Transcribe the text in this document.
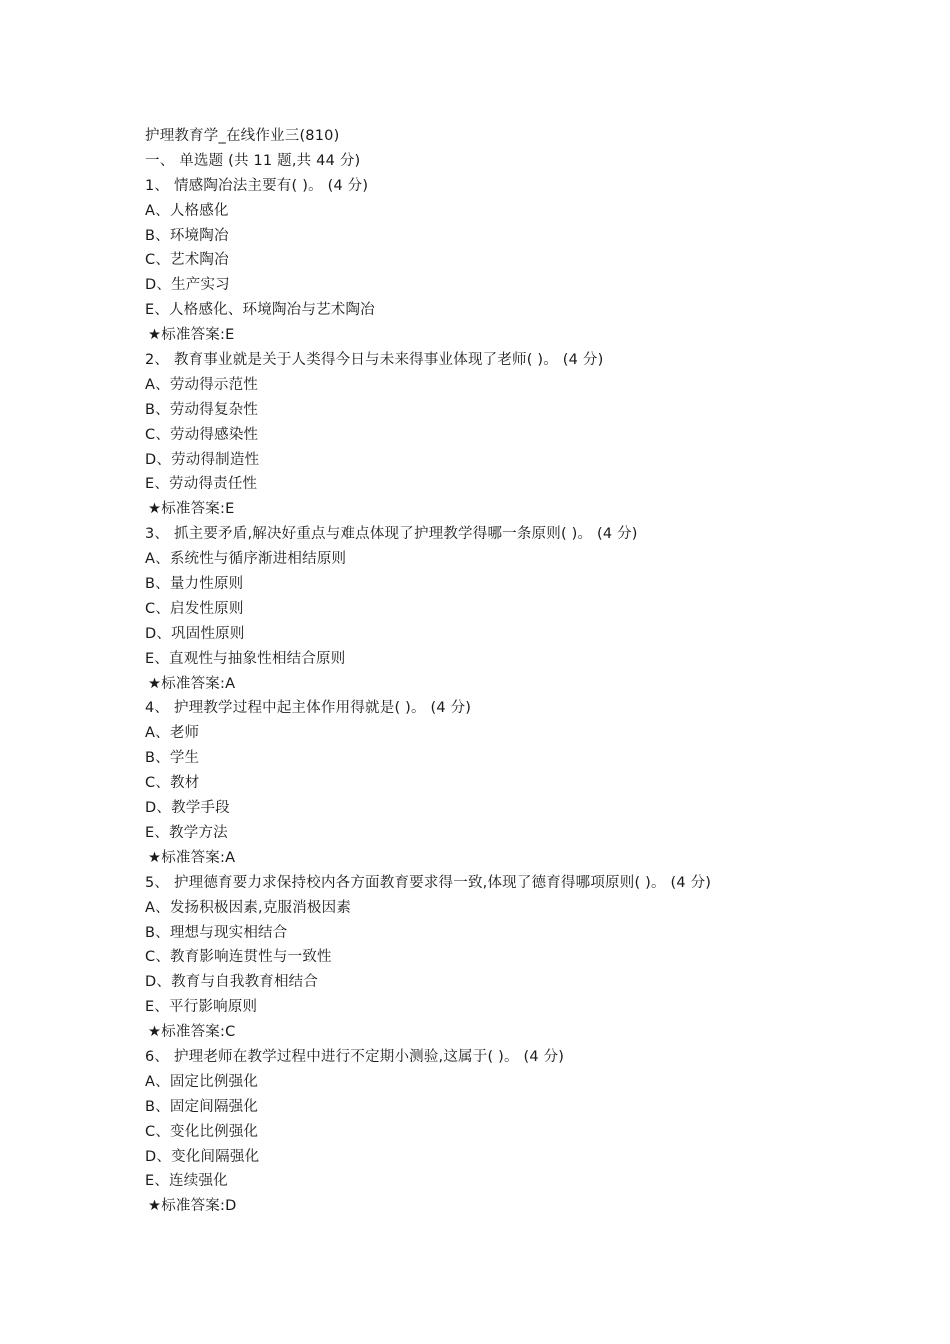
护理教育学_在线作业三(810)
一、 单选题 (共 11 题,共 44 分)
1、 情感陶冶法主要有( )。 (4 分)
A、人格感化
B、环境陶冶
C、艺术陶冶
D、生产实习
E、人格感化、环境陶冶与艺术陶冶
★标准答案:E
2、 教育事业就是关于人类得今日与未来得事业体现了老师( )。 (4 分)
A、劳动得示范性
B、劳动得复杂性
C、劳动得感染性
D、劳动得制造性
E、劳动得责任性
★标准答案:E
3、 抓主要矛盾,解决好重点与难点体现了护理教学得哪一条原则( )。 (4 分)
A、系统性与循序渐进相结原则
B、量力性原则
C、启发性原则
D、巩固性原则
E、直观性与抽象性相结合原则
★标准答案:A
4、 护理教学过程中起主体作用得就是( )。 (4 分)
A、老师
B、学生
C、教材
D、教学手段
E、教学方法
★标准答案:A
5、 护理德育要力求保持校内各方面教育要求得一致,体现了德育得哪项原则( )。 (4 分)
A、发扬积极因素,克服消极因素
B、理想与现实相结合
C、教育影响连贯性与一致性
D、教育与自我教育相结合
E、平行影响原则
★标准答案:C
6、 护理老师在教学过程中进行不定期小测验,这属于( )。 (4 分)
A、固定比例强化
B、固定间隔强化
C、变化比例强化
D、变化间隔强化
E、连续强化
★标准答案:D
